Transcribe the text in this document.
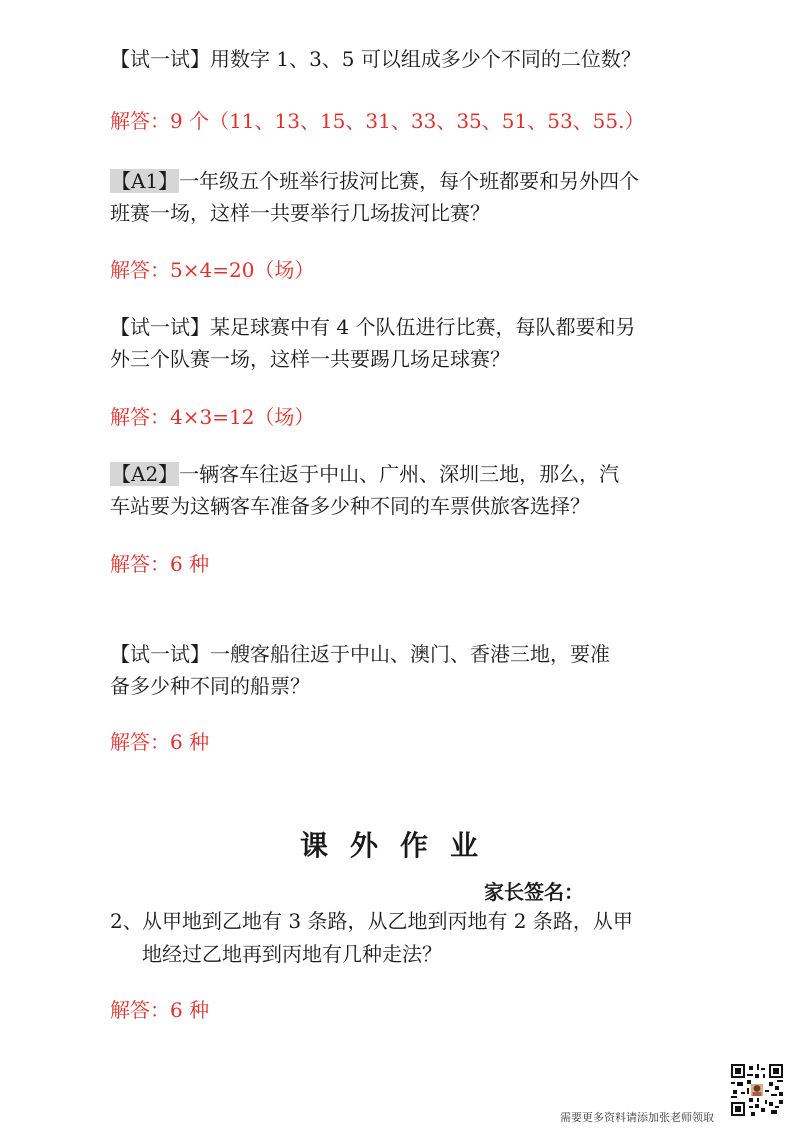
【试一试】用数字 1、3、5 可以组成多少个不同的二位数？
解答：9 个（11、13、15、31、33、35、51、53、55.）
【A1】一年级五个班举行拔河比赛，每个班都要和另外四个
班赛一场，这样一共要举行几场拔河比赛？
解答：5×4=20（场）
【试一试】某足球赛中有 4 个队伍进行比赛，每队都要和另
外三个队赛一场，这样一共要踢几场足球赛？
解答：4×3=12（场）
【A2】一辆客车往返于中山、广州、深圳三地，那么，汽
车站要为这辆客车准备多少种不同的车票供旅客选择？
解答：6 种
【试一试】一艘客船往返于中山、澳门、香港三地，要准
备多少种不同的船票？
解答：6 种
课外作业
家长签名：
2、 从甲地到乙地有 3 条路，从乙地到丙地有 2 条路，从甲
地经过乙地再到丙地有几种走法？
解答：6 种
需要更多资料请添加张老师领取
